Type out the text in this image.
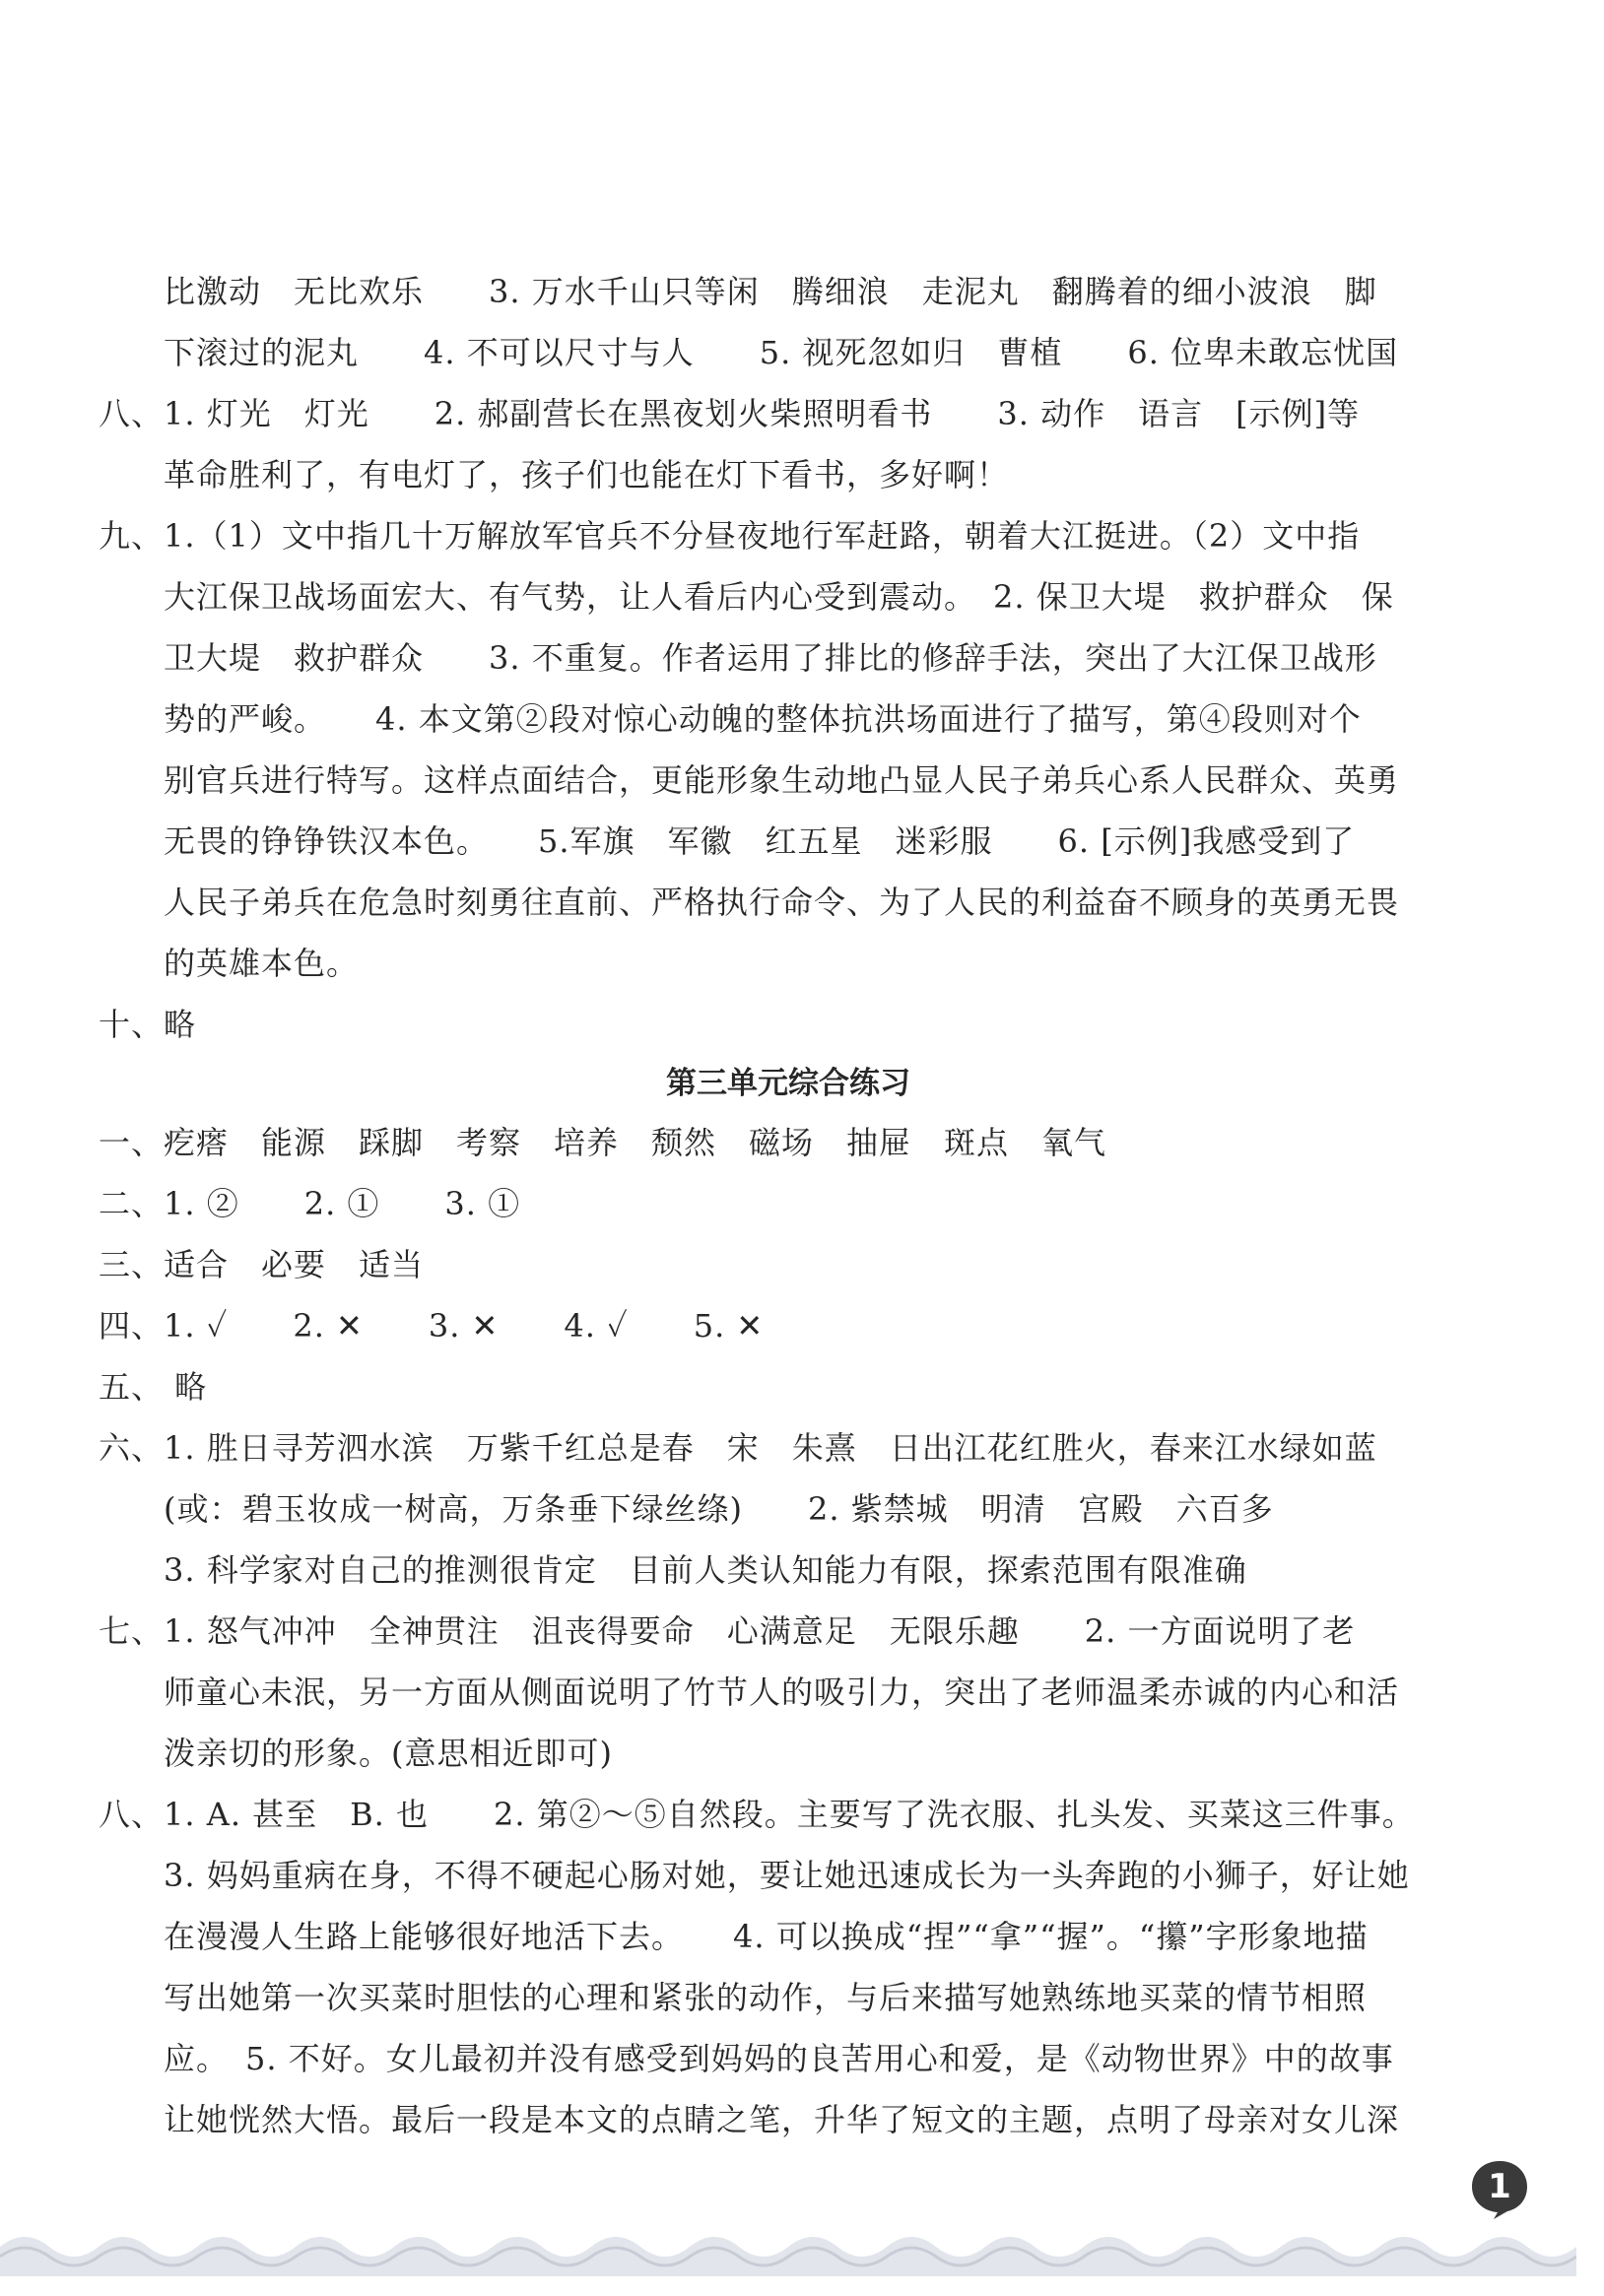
比激动　无比欢乐　　3. 万水千山只等闲　腾细浪　走泥丸　翻腾着的细小波浪　脚
下滚过的泥丸　　4. 不可以尺寸与人　　5. 视死忽如归　曹植　　6. 位卑未敢忘忧国
八、1. 灯光　灯光　　2. 郝副营长在黑夜划火柴照明看书　　3. 动作　语言　[示例]等
革命胜利了，有电灯了，孩子们也能在灯下看书，多好啊！
九、1.（1）文中指几十万解放军官兵不分昼夜地行军赶路，朝着大江挺进。（2）文中指
大江保卫战场面宏大、有气势，让人看后内心受到震动。　2. 保卫大堤　救护群众　保
卫大堤　救护群众　　3. 不重复。作者运用了排比的修辞手法，突出了大江保卫战形
势的严峻。　　4. 本文第②段对惊心动魄的整体抗洪场面进行了描写，第④段则对个
别官兵进行特写。这样点面结合，更能形象生动地凸显人民子弟兵心系人民群众、英勇
无畏的铮铮铁汉本色。　　5.军旗　军徽　红五星　迷彩服　　6. [示例]我感受到了
人民子弟兵在危急时刻勇往直前、严格执行命令、为了人民的利益奋不顾身的英勇无畏
的英雄本色。
十、略
第三单元综合练习
一、疙瘩　能源　踩脚　考察　培养　颓然　磁场　抽屉　斑点　氧气
二、1. ②　　2. ①　　3. ①
三、适合　必要　适当
四、1. ✓　　2. ✕　　3. ✕　　4. ✓　　5. ✕
五、 略
六、1. 胜日寻芳泗水滨　万紫千红总是春　宋　朱熹　日出江花红胜火，春来江水绿如蓝
(或：碧玉妆成一树高，万条垂下绿丝绦)　　2. 紫禁城　明清　宫殿　六百多
3. 科学家对自己的推测很肯定　目前人类认知能力有限，探索范围有限准确
七、1. 怒气冲冲　全神贯注　沮丧得要命　心满意足　无限乐趣　　2. 一方面说明了老
师童心未泯，另一方面从侧面说明了竹节人的吸引力，突出了老师温柔赤诚的内心和活
泼亲切的形象。(意思相近即可)
八、1. A. 甚至　B. 也　　2. 第②～⑤自然段。主要写了洗衣服、扎头发、买菜这三件事。
3. 妈妈重病在身，不得不硬起心肠对她，要让她迅速成长为一头奔跑的小狮子，好让她
在漫漫人生路上能够很好地活下去。　　4. 可以换成“捏”“拿”“握”。“攥”字形象地描
写出她第一次买菜时胆怯的心理和紧张的动作，与后来描写她熟练地买菜的情节相照
应。　5. 不好。女儿最初并没有感受到妈妈的良苦用心和爱，是《动物世界》中的故事
让她恍然大悟。最后一段是本文的点睛之笔，升华了短文的主题，点明了母亲对女儿深
1
